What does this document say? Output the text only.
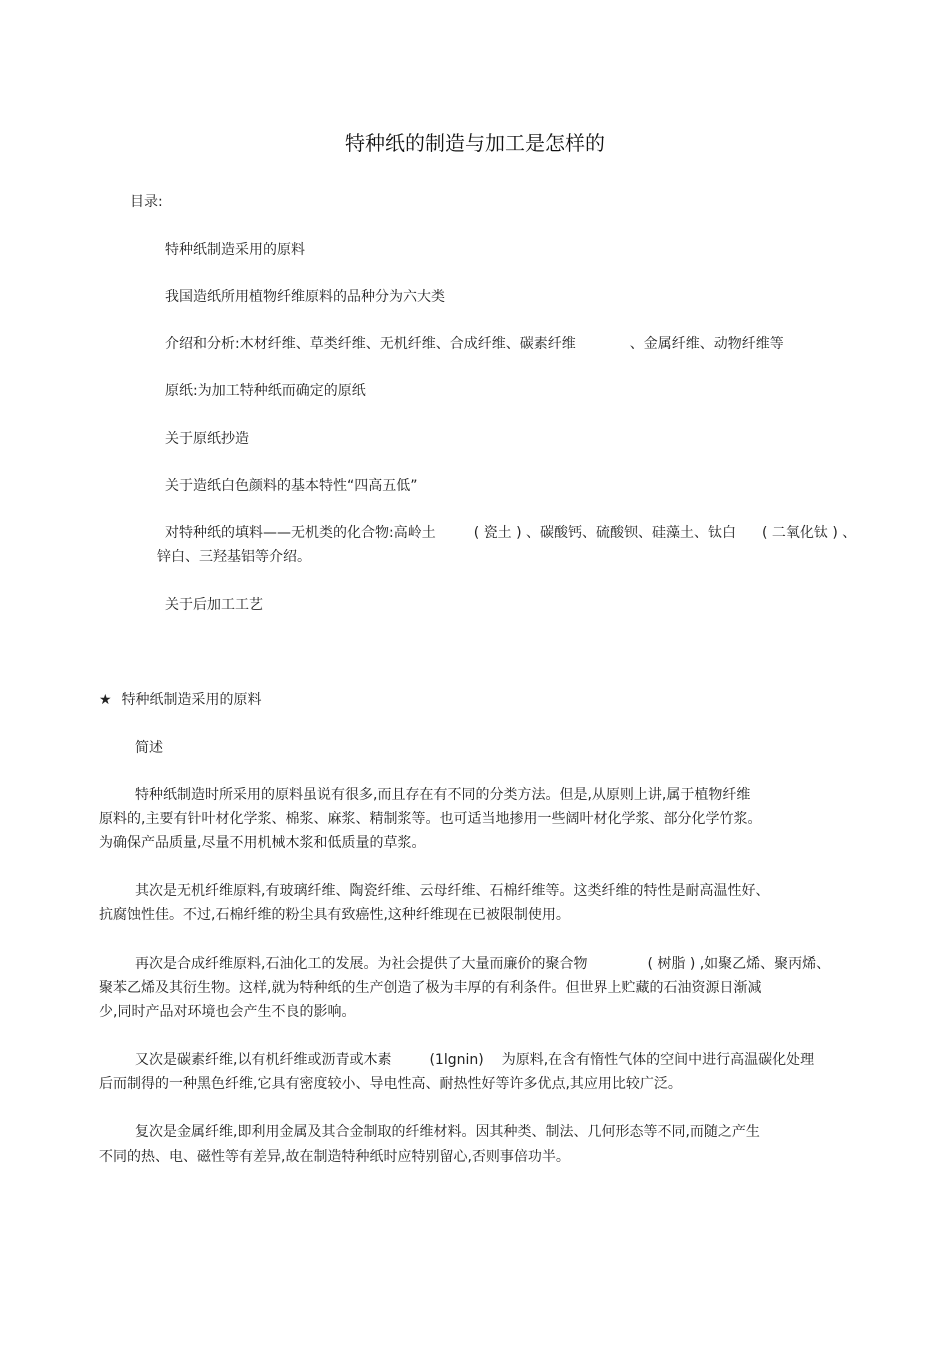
特种纸的制造与加工是怎样的
目录:
特种纸制造采用的原料
我国造纸所用植物纤维原料的品种分为六大类
介绍和分析:木材纤维、草类纤维、无机纤维、合成纤维、碳素纤维	、金属纤维、动物纤维等
原纸:为加工特种纸而确定的原纸
关于原纸抄造
关于造纸白色颜料的基本特性“四高五低”
对特种纸的填料——无机类的化合物:高岭土	( 瓷土 ) 、碳酸钙、硫酸钡、硅藻土、钛白 ( 二氧化钛 ) 、
锌白、三羟基铝等介绍。
关于后加工工艺
★ 特种纸制造采用的原料
简述
特种纸制造时所采用的原料虽说有很多,而且存在有不同的分类方法。但是,从原则上讲,属于植物纤维
原料的,主要有针叶材化学浆、棉浆、麻浆、精制浆等。也可适当地掺用一些阔叶材化学浆、部分化学竹浆。
为确保产品质量,尽量不用机械木浆和低质量的草浆。
其次是无机纤维原料,有玻璃纤维、陶瓷纤维、云母纤维、石棉纤维等。这类纤维的特性是耐高温性好、
抗腐蚀性佳。不过,石棉纤维的粉尘具有致癌性,这种纤维现在已被限制使用。
再次是合成纤维原料,石油化工的发展。为社会提供了大量而廉价的聚合物	( 树脂 ) ,如聚乙烯、聚丙烯、
聚苯乙烯及其衍生物。这样,就为特种纸的生产创造了极为丰厚的有利条件。但世界上贮藏的石油资源日渐减
少,同时产品对环境也会产生不良的影响。
又次是碳素纤维,以有机纤维或沥青或木素	(1lgnin) 为原料,在含有惰性气体的空间中进行高温碳化处理
后而制得的一种黑色纤维,它具有密度较小、导电性高、耐热性好等许多优点,其应用比较广泛。
复次是金属纤维,即利用金属及其合金制取的纤维材料。因其种类、制法、几何形态等不同,而随之产生
不同的热、电、磁性等有差异,故在制造特种纸时应特别留心,否则事倍功半。
